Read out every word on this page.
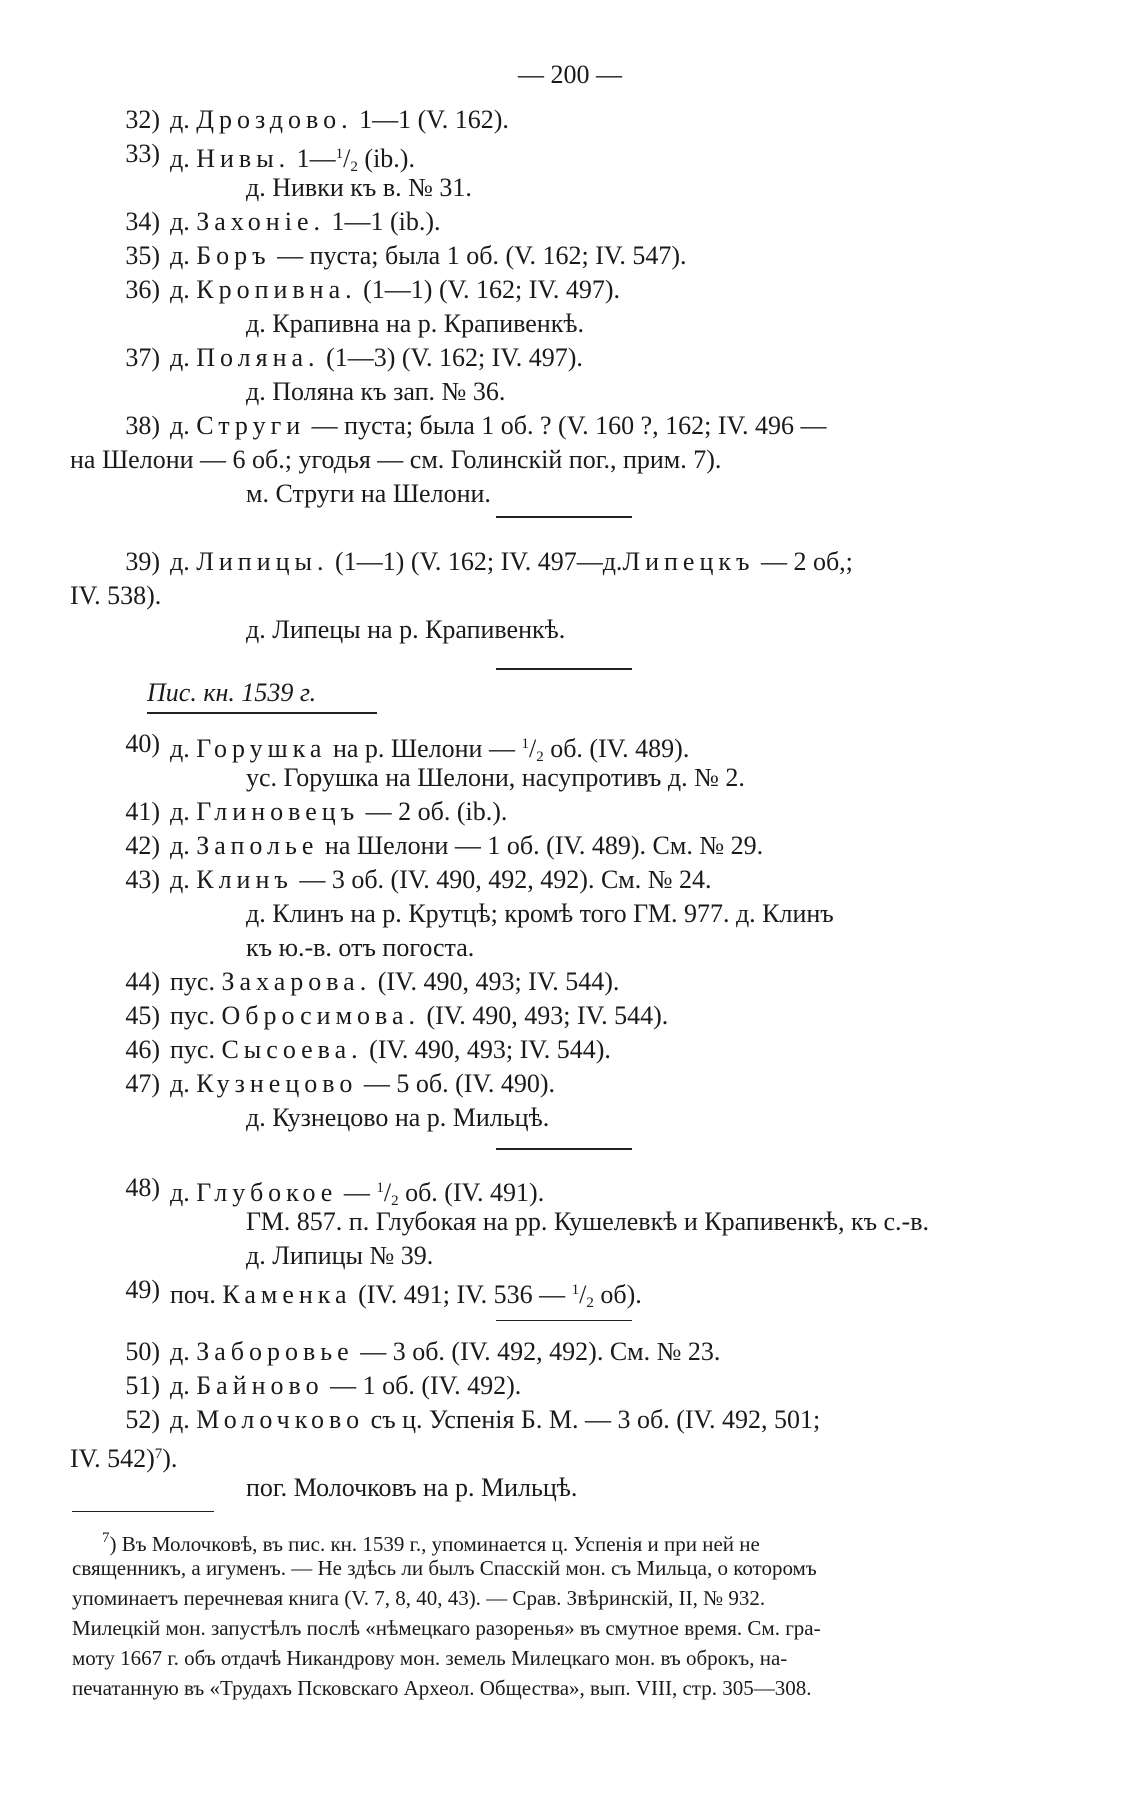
— 200 —
32) д. Дроздово. 1—1 (V. 162).
33) д. Нивы. $1—^1/_2$ (ib.).
д. Нивки къ в. № 31.
34) д. Захоніе. 1—1 (ib.).
35) д. Боръ — пуста; была 1 об. (V. 162; IV. 547).
36) д. Кропивна. (1—1) (V. 162; IV. 497).
д. Крапивна на р. Крапивенкѣ.
37) д. Поляна. (1—3) (V. 162; IV. 497).
д. Поляна къ зап. № 36.
38) д. Струги — пуста; была 1 об. ? (V. 160 ?, 162; IV. 496 —
на Шелони — 6 об.; угодья — см. Голинскій пог., прим. 7).
м. Струги на Шелони.
39) д. Липицы. (1—1) (V. 162; IV. 497—д.Липецкъ — 2 об,;
IV. 538).
д. Липецы на р. Крапивенкѣ.
Пис. кн. 1539 г.
40) д. Горушка на р. Шелони — $^1/_2$ об. (IV. 489).
ус. Горушка на Шелони, насупротивъ д. № 2.
41) д. Глиновецъ — 2 об. (ib.).
42) д. Заполье на Шелони — 1 об. (IV. 489). См. № 29.
43) д. Клинъ — 3 об. (IV. 490, 492, 492). См. № 24.
д. Клинъ на р. Крутцѣ; кромѣ того ГМ. 977. д. Клинъ
къ ю.-в. отъ погоста.
44) пус. Захарова. (IV. 490, 493; IV. 544).
45) пус. Обросимова. (IV. 490, 493; IV. 544).
46) пус. Сысоева. (IV. 490, 493; IV. 544).
47) д. Кузнецово — 5 об. (IV. 490).
д. Кузнецово на р. Мильцѣ.
48) д. Глубокое — $^1/_2$ об. (IV. 491).
ГМ. 857. п. Глубокая на рр. Кушелевкѣ и Крапивенкѣ, къ с.-в.
д. Липицы № 39.
49) поч. Каменка (IV. 491; IV. 536 — $^1/_2$ об).
50) д. Заборовье — 3 об. (IV. 492, 492). См. № 23.
51) д. Байново — 1 об. (IV. 492).
52) д. Молочково съ ц. Успенія Б. М. — 3 об. (IV. 492, 501;
IV. 542)$^7$).
пог. Молочковъ на р. Мильцѣ.
$^7$) Въ Молочковѣ, въ пис. кн. 1539 г., упоминается ц. Успенія и при ней не
священникъ, а игуменъ. — Не здѣсь ли былъ Спасскій мон. съ Мильца, о которомъ
упоминаетъ перечневая книга (V. 7, 8, 40, 43). — Срав. Звѣринскій, II, № 932.
Милецкій мон. запустѣлъ послѣ «нѣмецкаго разоренья» въ смутное время. См. гра-
моту 1667 г. объ отдачѣ Никандрову мон. земель Милецкаго мон. въ оброкъ, на-
печатанную въ «Трудахъ Псковскаго Археол. Общества», вып. VIII, стр. 305—308.
